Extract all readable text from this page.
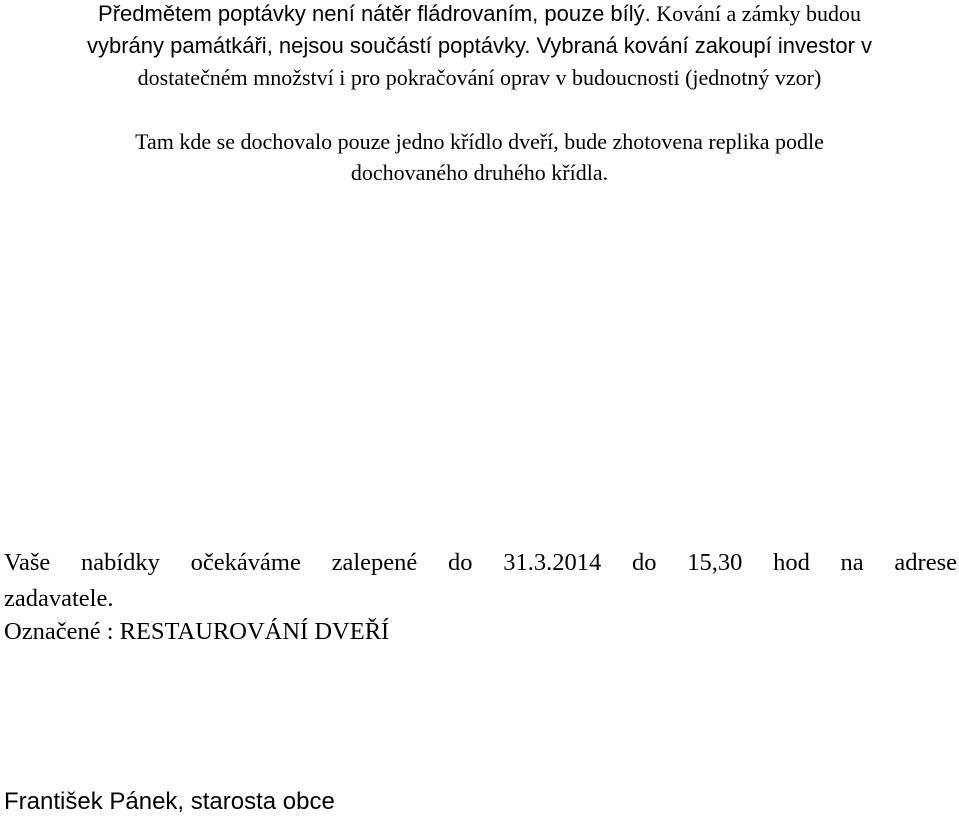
Předmětem poptávky není nátěr fládrovaním, pouze bílý. Kování a zámky budou

vybrány památkáři, nejsou součástí poptávky. Vybraná kování zakoupí investor v

dostatečném množství i pro pokračování oprav v budoucnosti (jednotný vzor)

Tam kde se dochovalo pouze jedno křídlo dveří, bude zhotovena replika podle

dochovaného druhého křídla.

Vaše nabídky očekáváme zalepené do 31.3.2014 do 15,30 hod na adrese

zadavatele.

Označené : RESTAUROVÁNÍ DVEŘÍ

František Pánek, starosta obce
